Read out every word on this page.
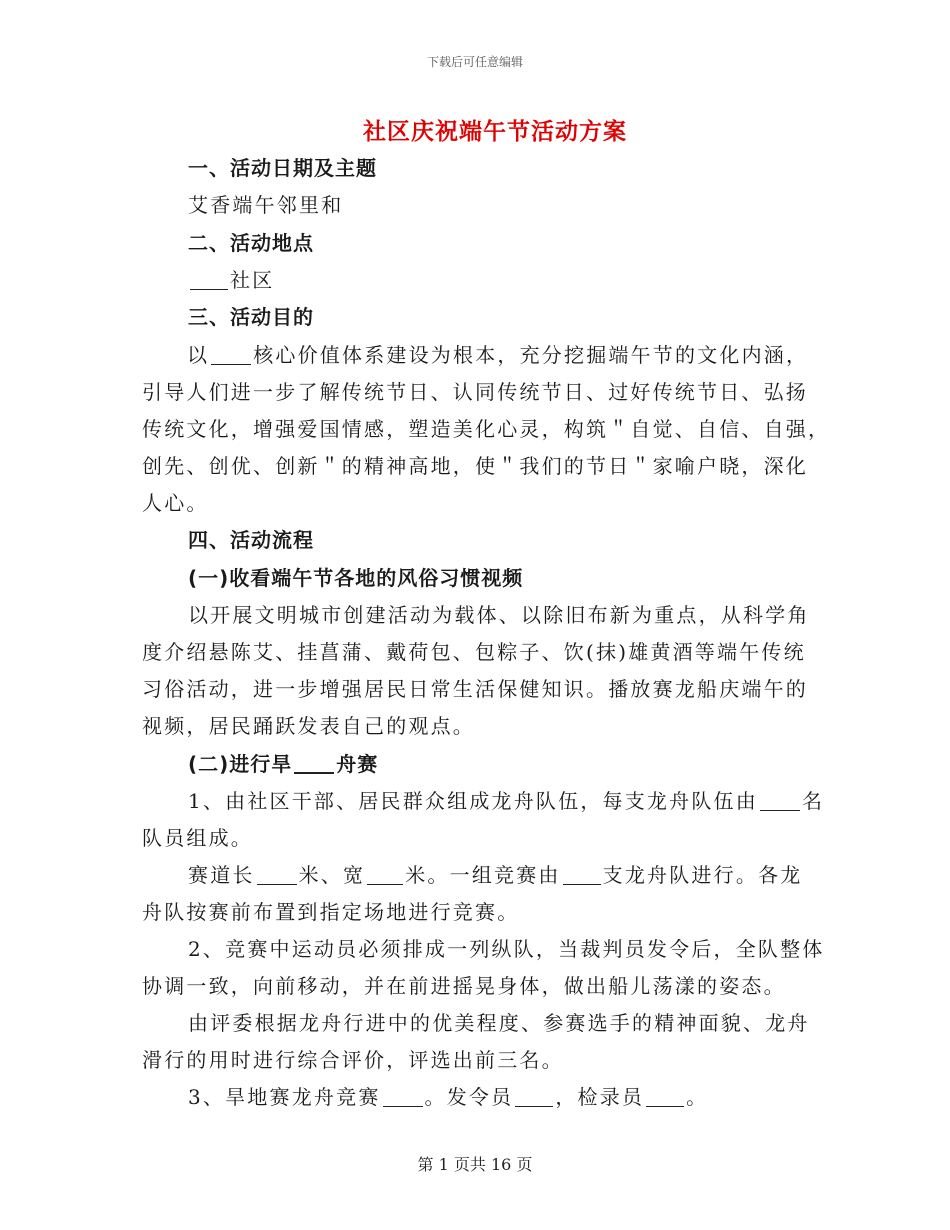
下载后可任意编辑
社区庆祝端午节活动方案
一、活动日期及主题
艾香端午邻里和
二、活动地点
社区
三、活动目的
以 核心价值体系建设为根本，充分挖掘端午节的文化内涵，
引导人们进一步了解传统节日、认同传统节日、过好传统节日、弘扬
传统文化，增强爱国情感，塑造美化心灵，构筑＂自觉、自信、自强，
创先、创优、创新＂的精神高地，使＂我们的节日＂家喻户晓，深化
人心。
四、活动流程
(一)收看端午节各地的风俗习惯视频
以开展文明城市创建活动为载体、以除旧布新为重点，从科学角
度介绍悬陈艾、挂菖蒲、戴荷包、包粽子、饮(抹)雄黄酒等端午传统
习俗活动，进一步增强居民日常生活保健知识。播放赛龙船庆端午的
视频，居民踊跃发表自己的观点。
(二)进行旱 舟赛
1、由社区干部、居民群众组成龙舟队伍，每支龙舟队伍由 名
队员组成。
赛道长 米、宽 米。一组竞赛由 支龙舟队进行。各龙
舟队按赛前布置到指定场地进行竞赛。
2、竞赛中运动员必须排成一列纵队，当裁判员发令后，全队整体
协调一致，向前移动，并在前进摇晃身体，做出船儿荡漾的姿态。
由评委根据龙舟行进中的优美程度、参赛选手的精神面貌、龙舟
滑行的用时进行综合评价，评选出前三名。
3、旱地赛龙舟竞赛 。发令员 ，检录员 。
第 1 页共 16 页
